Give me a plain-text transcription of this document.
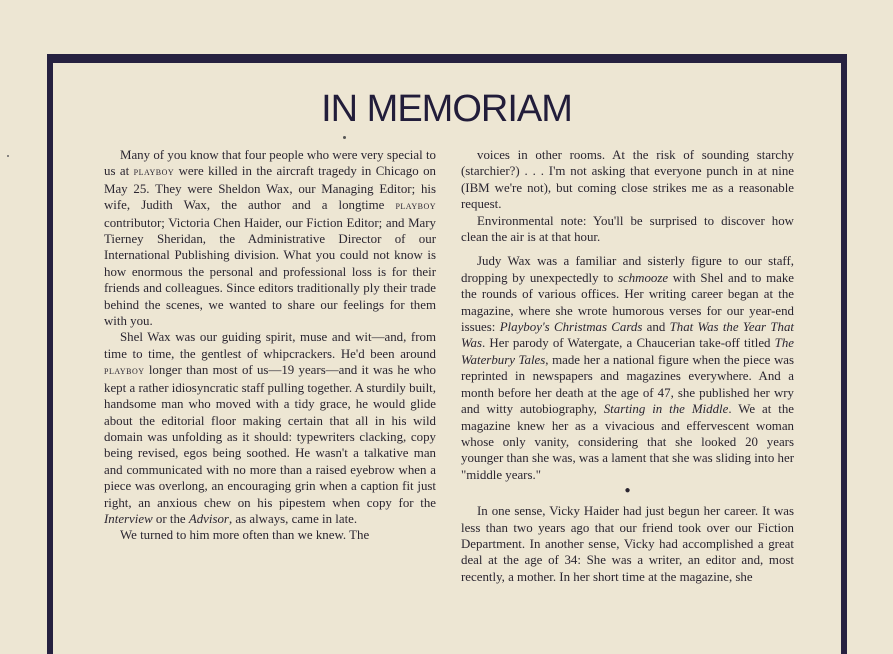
IN MEMORIAM

Many of you know that four people who were very special to us at playboy were killed in the aircraft tragedy in Chicago on May 25. They were Sheldon Wax, our Managing Editor; his wife, Judith Wax, the author and a longtime playboy contributor; Victoria Chen Haider, our Fiction Editor; and Mary Tierney Sheridan, the Administrative Director of our International Publishing division. What you could not know is how enormous the personal and professional loss is for their friends and colleagues. Since editors traditionally ply their trade behind the scenes, we wanted to share our feelings for them with you.

Shel Wax was our guiding spirit, muse and wit—and, from time to time, the gentlest of whipcrackers. He'd been around playboy longer than most of us—19 years—and it was he who kept a rather idiosyncratic staff pulling together. A sturdily built, handsome man who moved with a tidy grace, he would glide about the editorial floor making certain that all in his wild domain was unfolding as it should: typewriters clacking, copy being revised, egos being soothed. He wasn't a talkative man and communicated with no more than a raised eyebrow when a piece was overlong, an encouraging grin when a caption fit just right, an anxious chew on his pipestem when copy for the Interview or the Advisor, as always, came in late.

We turned to him more often than we knew. The

voices in other rooms. At the risk of sounding starchy (starchier?) . . . I'm not asking that everyone punch in at nine (IBM we're not), but coming close strikes me as a reasonable request.

Environmental note: You'll be surprised to discover how clean the air is at that hour.

Judy Wax was a familiar and sisterly figure to our staff, dropping by unexpectedly to schmooze with Shel and to make the rounds of various offices. Her writing career began at the magazine, where she wrote humorous verses for our year-end issues: Playboy's Christmas Cards and That Was the Year That Was. Her parody of Watergate, a Chaucerian take-off titled The Waterbury Tales, made her a national figure when the piece was reprinted in newspapers and magazines everywhere. And a month before her death at the age of 47, she published her wry and witty autobiography, Starting in the Middle. We at the magazine knew her as a vivacious and effervescent woman whose only vanity, considering that she looked 20 years younger than she was, was a lament that she was sliding into her "middle years."

●

In one sense, Vicky Haider had just begun her career. It was less than two years ago that our friend took over our Fiction Department. In another sense, Vicky had accomplished a great deal at the age of 34: She was a writer, an editor and, most recently, a mother. In her short time at the magazine, she
